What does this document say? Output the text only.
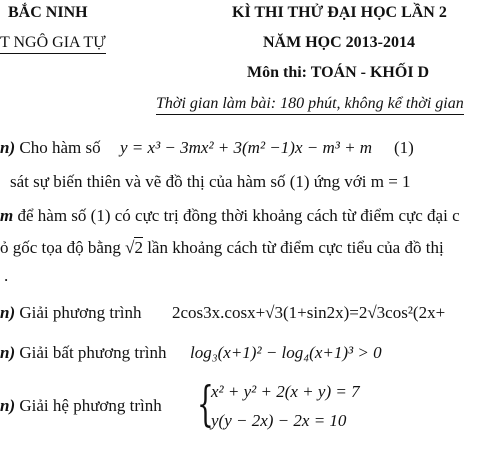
BẮC NINH
T NGÔ GIA TỰ
KÌ THI THỬ ĐẠI HỌC LẦN 2
NĂM HỌC 2013-2014
Môn thi: TOÁN - KHỐI D
Thời gian làm bài: 180 phút, không kể thời gian
n) Cho hàm số y = x³ − 3mx² + 3(m² −1)x − m³ + m (1)
sát sự biến thiên và vẽ đồ thị của hàm số (1) ứng với m = 1
m để hàm số (1) có cực trị đồng thời khoảng cách từ điểm cực đại c
ỏ gốc tọa độ bằng √2 lần khoảng cách từ điểm cực tiểu của đồ thị
.
n) Giải phương trình 2cos3x.cosx+√3(1+sin2x)=2√3cos²(2x+
n) Giải bất phương trình log₃(x+1)² − log₄(x+1)³ > 0
n) Giải hệ phương trình {
x² + y² + 2(x + y) = 7
y(y − 2x) − 2x = 10
